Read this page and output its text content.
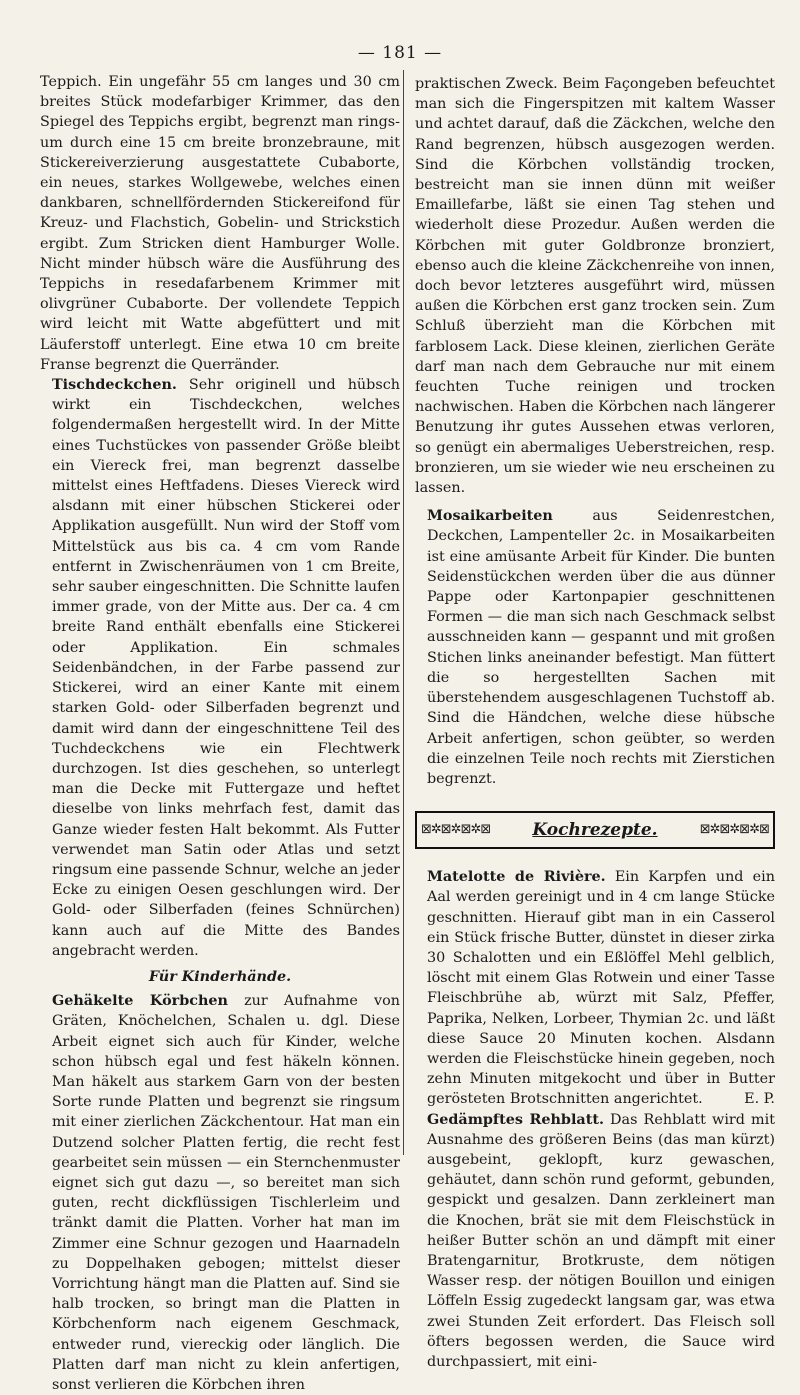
— 181 —

Teppich. Ein ungefähr 55 cm langes und 30 cm breites Stück modefarbiger Krimmer, das den Spiegel des Teppichs ergibt, begrenzt man rings-um durch eine 15 cm breite bronzebraune, mit Stickereiverzierung ausgestattete Cubaborte, ein neues, starkes Wollgewebe, welches einen dankbaren, schnellfördernden Stickereifond für Kreuz- und Flachstich, Gobelin- und Strickstich ergibt. Zum Stricken dient Hamburger Wolle. Nicht minder hübsch wäre die Ausführung des Teppichs in resedafarbenem Krimmer mit olivgrüner Cubaborte. Der vollendete Teppich wird leicht mit Watte abgefüttert und mit Läuferstoff unterlegt. Eine etwa 10 cm breite Franse begrenzt die Querränder.

Tischdeckchen. Sehr originell und hübsch wirkt ein Tischdeckchen, welches folgendermaßen hergestellt wird. In der Mitte eines Tuchstückes von passender Größe bleibt ein Viereck frei, man begrenzt dasselbe mittelst eines Heftfadens. Dieses Viereck wird alsdann mit einer hübschen Stickerei oder Applikation ausgefüllt. Nun wird der Stoff vom Mittelstück aus bis ca. 4 cm vom Rande entfernt in Zwischenräumen von 1 cm Breite, sehr sauber eingeschnitten. Die Schnitte laufen immer grade, von der Mitte aus. Der ca. 4 cm breite Rand enthält ebenfalls eine Stickerei oder Applikation. Ein schmales Seidenbändchen, in der Farbe passend zur Stickerei, wird an einer Kante mit einem starken Gold- oder Silberfaden begrenzt und damit wird dann der eingeschnittene Teil des Tuchdeckchens wie ein Flechtwerk durchzogen. Ist dies geschehen, so unterlegt man die Decke mit Futtergaze und heftet dieselbe von links mehrfach fest, damit das Ganze wieder festen Halt bekommt. Als Futter verwendet man Satin oder Atlas und setzt ringsum eine passende Schnur, welche an jeder Ecke zu einigen Oesen geschlungen wird. Der Gold- oder Silberfaden (feines Schnürchen) kann auch auf die Mitte des Bandes angebracht werden.

Für Kinderhände.

Gehäkelte Körbchen zur Aufnahme von Gräten, Knöchelchen, Schalen u. dgl. Diese Arbeit eignet sich auch für Kinder, welche schon hübsch egal und fest häkeln können. Man häkelt aus starkem Garn von der besten Sorte runde Platten und begrenzt sie ringsum mit einer zierlichen Zäckchentour. Hat man ein Dutzend solcher Platten fertig, die recht fest gearbeitet sein müssen — ein Sternchenmuster eignet sich gut dazu —, so bereitet man sich guten, recht dickflüssigen Tischlerleim und tränkt damit die Platten. Vorher hat man im Zimmer eine Schnur gezogen und Haarnadeln zu Doppelhaken gebogen; mittelst dieser Vorrichtung hängt man die Platten auf. Sind sie halb trocken, so bringt man die Platten in Körbchenform nach eigenem Geschmack, entweder rund, viereckig oder länglich. Die Platten darf man nicht zu klein anfertigen, sonst verlieren die Körbchen ihren

praktischen Zweck. Beim Façongeben befeuchtet man sich die Fingerspitzen mit kaltem Wasser und achtet darauf, daß die Zäckchen, welche den Rand begrenzen, hübsch ausgezogen werden. Sind die Körbchen vollständig trocken, bestreicht man sie innen dünn mit weißer Emaillefarbe, läßt sie einen Tag stehen und wiederholt diese Prozedur. Außen werden die Körbchen mit guter Goldbronze bronziert, ebenso auch die kleine Zäckchenreihe von innen, doch bevor letzteres ausgeführt wird, müssen außen die Körbchen erst ganz trocken sein. Zum Schluß überzieht man die Körbchen mit farblosem Lack. Diese kleinen, zierlichen Geräte darf man nach dem Gebrauche nur mit einem feuchten Tuche reinigen und trocken nachwischen. Haben die Körbchen nach längerer Benutzung ihr gutes Aussehen etwas verloren, so genügt ein abermaliges Ueberstreichen, resp. bronzieren, um sie wieder wie neu erscheinen zu lassen.

Mosaikarbeiten aus Seidenrestchen, Deckchen, Lampenteller 2c. in Mosaikarbeiten ist eine amüsante Arbeit für Kinder. Die bunten Seidenstückchen werden über die aus dünner Pappe oder Kartonpapier geschnittenen Formen — die man sich nach Geschmack selbst ausschneiden kann — gespannt und mit großen Stichen links aneinander befestigt. Man füttert die so hergestellten Sachen mit überstehendem ausgeschlagenen Tuchstoff ab. Sind die Händchen, welche diese hübsche Arbeit anfertigen, schon geübter, so werden die einzelnen Teile noch rechts mit Zierstichen begrenzt.

⊠✲⊠✲⊠✲⊠ Kochrezepte.	⊠✲⊠✲⊠✲⊠

Matelotte de Rivière. Ein Karpfen und ein Aal werden gereinigt und in 4 cm lange Stücke geschnitten. Hierauf gibt man in ein Casserol ein Stück frische Butter, dünstet in dieser zirka 30 Schalotten und ein Eßlöffel Mehl gelblich, löscht mit einem Glas Rotwein und einer Tasse Fleischbrühe ab, würzt mit Salz, Pfeffer, Paprika, Nelken, Lorbeer, Thymian 2c. und läßt diese Sauce 20 Minuten kochen. Alsdann werden die Fleischstücke hinein gegeben, noch zehn Minuten mitgekocht und über in Butter gerösteten Brotschnitten angerichtet.	E. P.

Gedämpftes Rehblatt. Das Rehblatt wird mit Ausnahme des größeren Beins (das man kürzt) ausgebeint, geklopft, kurz gewaschen, gehäutet, dann schön rund geformt, gebunden, gespickt und gesalzen. Dann zerkleinert man die Knochen, brät sie mit dem Fleischstück in heißer Butter schön an und dämpft mit einer Bratengarnitur, Brotkruste, dem nötigen Wasser resp. der nötigen Bouillon und einigen Löffeln Essig zugedeckt langsam gar, was etwa zwei Stunden Zeit erfordert. Das Fleisch soll öfters begossen werden, die Sauce wird durchpassiert, mit eini-
